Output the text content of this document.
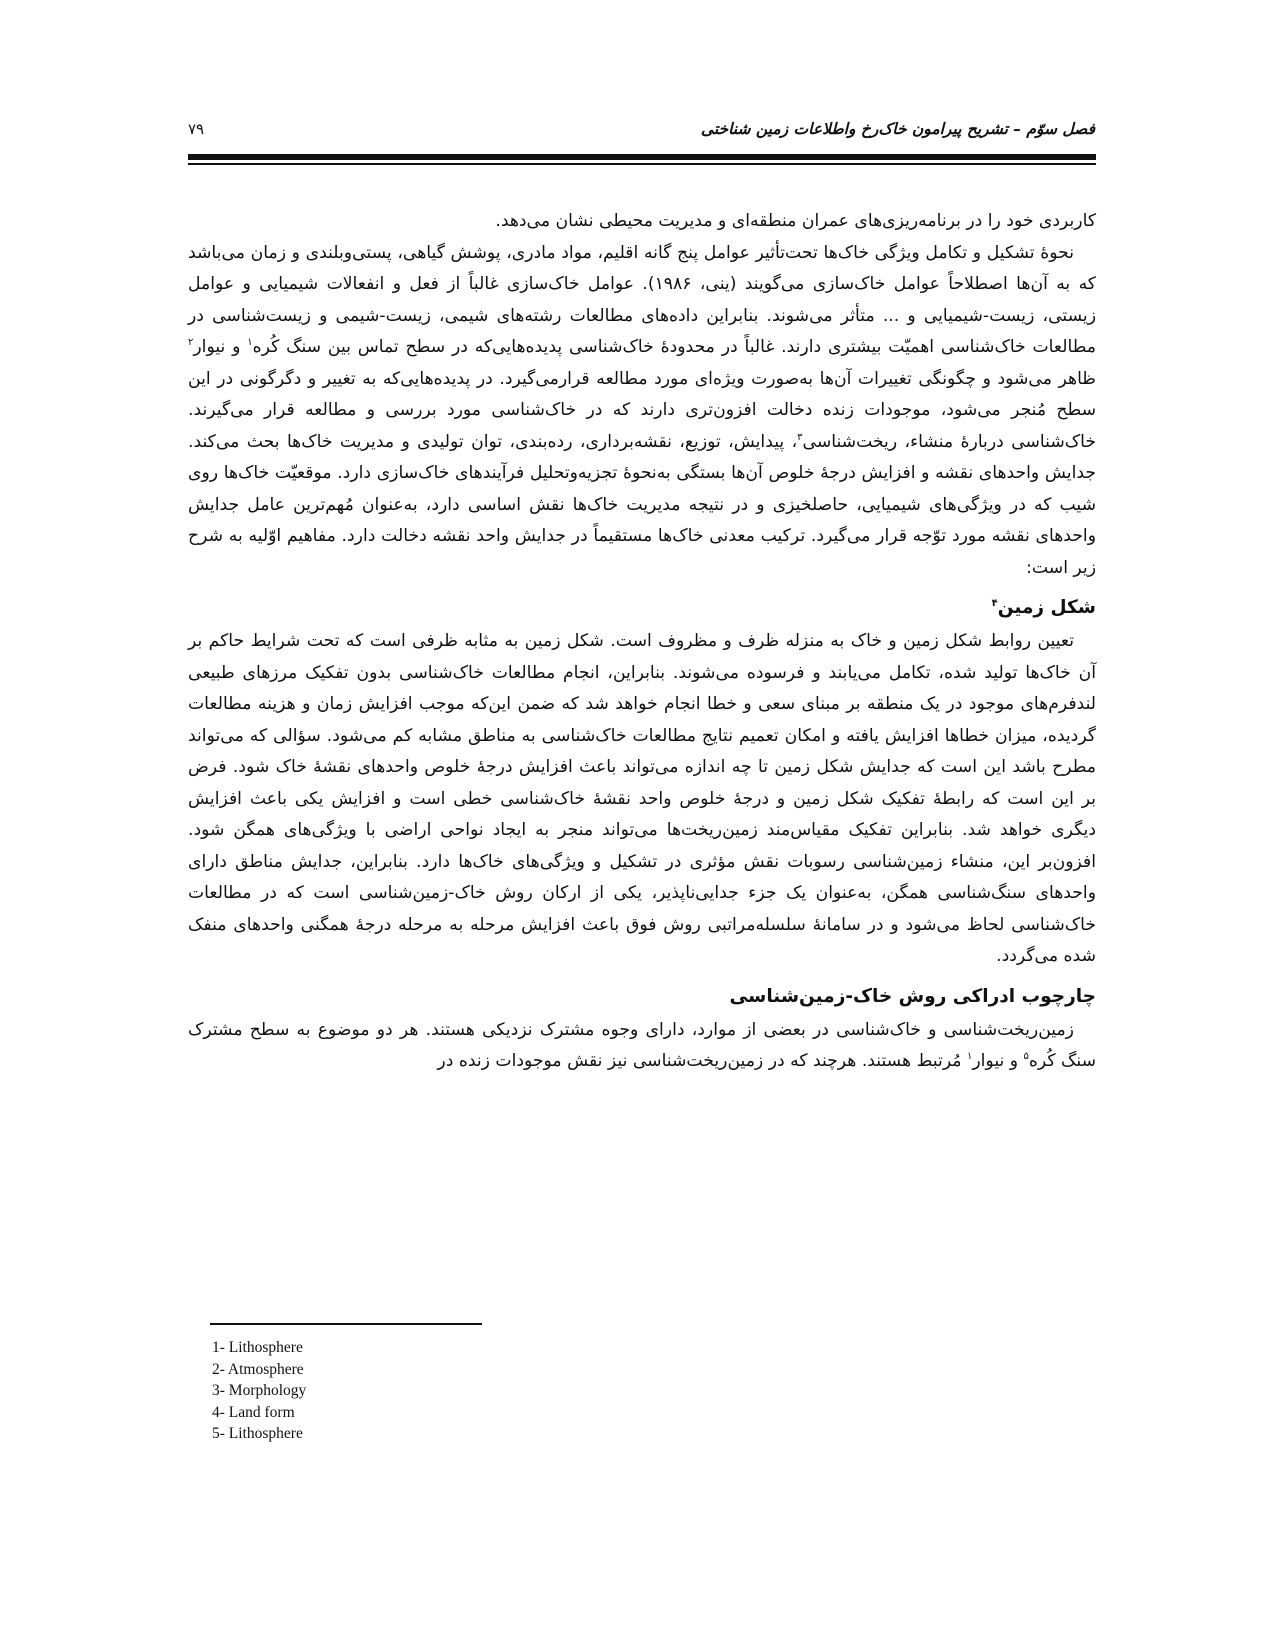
فصل سوّم – تشریح پیرامون خاک‌رخ واطلاعات زمین شناختی
۷۹

کاربردی خود را در برنامه‌ریزی‌های عمران منطقه‌ای و مدیریت محیطی نشان می‌دهد.

نحوهٔ تشکیل و تکامل ویژگی خاک‌ها تحت‌تأثیر عوامل پنج گانه اقلیم، مواد مادری، پوشش گیاهی، پستی‌وبلندی و زمان می‌باشد که به آن‌ها اصطلاحاً عوامل خاک‌سازی می‌گویند (ینی، ۱۹۸۶). عوامل خاک‌سازی غالباً از فعل و انفعالات شیمیایی و عوامل زیستی، زیست-شیمیایی و ... متأثر می‌شوند. بنابراین داده‌های مطالعات رشته‌های شیمی، زیست-شیمی و زیست‌شناسی در مطالعات خاک‌شناسی اهمیّت بیشتری دارند. غالباً در محدودهٔ خاک‌شناسی پدیده‌هایی‌که در سطح تماس بین سنگ کُره$^۱$ و نیوار$^۲$ ظاهر می‌شود و چگونگی تغییرات آن‌ها به‌صورت ویژه‌ای مورد مطالعه قرارمی‌گیرد. در پدیده‌هایی‌که به تغییر و دگرگونی در این سطح مُنجر می‌شود، موجودات زنده دخالت افزون‌تری دارند که در خاک‌شناسی مورد بررسی و مطالعه قرار می‌گیرند. خاک‌شناسی دربارهٔ منشاء، ریخت‌شناسی$^۳$، پیدایش، توزیع، نقشه‌برداری، رده‌بندی، توان تولیدی و مدیریت خاک‌ها بحث می‌کند. جدایش واحدهای نقشه و افزایش درجهٔ خلوص آن‌ها بستگی به‌نحوهٔ تجزیه‌وتحلیل فرآیندهای خاک‌سازی دارد. موقعیّت خاک‌ها روی شیب که در ویژگی‌های شیمیایی، حاصلخیزی و در نتیجه مدیریت خاک‌ها نقش اساسی دارد، به‌عنوان مُهم‌ترین عامل جدایش واحدهای نقشه مورد توّجه قرار می‌گیرد. ترکیب معدنی خاک‌ها مستقیماً در جدایش واحد نقشه دخالت دارد. مفاهیم اوّلیه به شرح زیر است:

شکل زمین$^۴$

تعیین روابط شکل زمین و خاک به منزله ظرف و مظروف است. شکل زمین به مثابه ظرفی است که تحت شرایط حاکم بر آن خاک‌ها تولید شده، تکامل می‌یابند و فرسوده می‌شوند. بنابراین، انجام مطالعات خاک‌شناسی بدون تفکیک مرزهای طبیعی لندفرم‌های موجود در یک منطقه بر مبنای سعی و خطا انجام خواهد شد که ضمن این‌که موجب افزایش زمان و هزینه مطالعات گردیده، میزان خطاها افزایش یافته و امکان تعمیم نتایج مطالعات خاک‌شناسی به مناطق مشابه کم می‌شود. سؤالی که می‌تواند مطرح باشد این است که جدایش شکل زمین تا چه اندازه می‌تواند باعث افزایش درجهٔ خلوص واحدهای نقشهٔ خاک شود. فرض بر این است که رابطهٔ تفکیک شکل زمین و درجهٔ خلوص واحد نقشهٔ خاک‌شناسی خطی است و افزایش یکی باعث افزایش دیگری خواهد شد. بنابراین تفکیک مقیاس‌مند زمین‌ریخت‌ها می‌تواند منجر به ایجاد نواحی اراضی با ویژگی‌های همگن شود. افزون‌بر این، منشاء زمین‌شناسی رسوبات نقش مؤثری در تشکیل و ویژگی‌های خاک‌ها دارد. بنابراین، جدایش مناطق دارای واحدهای سنگ‌شناسی همگن، به‌عنوان یک جزء جدایی‌ناپذیر، یکی از ارکان روش خاک-زمین‌شناسی است که در مطالعات خاک‌شناسی لحاظ می‌شود و در سامانهٔ سلسله‌مراتبی روش فوق باعث افزایش مرحله به مرحله درجهٔ همگنی واحدهای منفک شده می‌گردد.

چارچوب ادراکی روش خاک-زمین‌شناسی

زمین‌ریخت‌شناسی و خاک‌شناسی در بعضی از موارد، دارای وجوه مشترک نزدیکی هستند. هر دو موضوع به سطح مشترک سنگ کُره$^۵$ و نیوار$^۱$ مُرتبط هستند. هرچند که در زمین‌ریخت‌شناسی نیز نقش موجودات زنده در

1- Lithosphere
2- Atmosphere
3- Morphology
4- Land form
5- Lithosphere
